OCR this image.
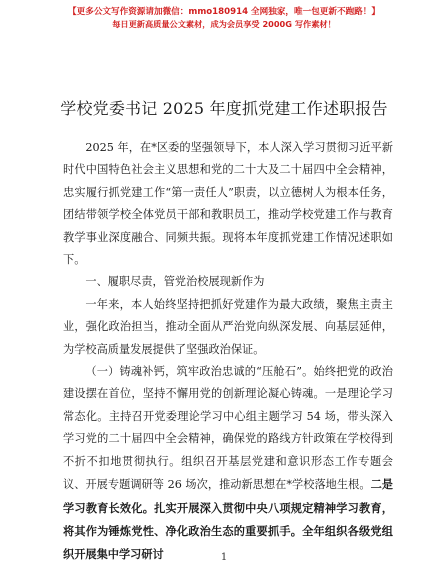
【更多公文写作资源请加微信：mmo180914 全网独家，唯一包更新不跑路！】
每日更新高质量公文素材，成为会员享受 2000G 写作素材！
学校党委书记 2025 年度抓党建工作述职报告

2025 年，在*区委的坚强领导下，本人深入学习贯彻习近平新时代中国特色社会主义思想和党的二十大及二十届四中全会精神，忠实履行抓党建工作“第一责任人”职责，以立德树人为根本任务，团结带领学校全体党员干部和教职员工，推动学校党建工作与教育教学事业深度融合、同频共振。现将本年度抓党建工作情况述职如下。

一、履职尽责，管党治校展现新作为

一年来，本人始终坚持把抓好党建作为最大政绩，聚焦主责主业，强化政治担当，推动全面从严治党向纵深发展、向基层延伸，为学校高质量发展提供了坚强政治保证。

（一）铸魂补钙，筑牢政治忠诚的“压舱石”。始终把党的政治建设摆在首位，坚持不懈用党的创新理论凝心铸魂。一是理论学习常态化。主持召开党委理论学习中心组主题学习 54 场，带头深入学习党的二十届四中全会精神，确保党的路线方针政策在学校得到不折不扣地贯彻执行。组织召开基层党建和意识形态工作专题会议、开展专题调研等 26 场次，推动新思想在*学校落地生根。二是学习教育长效化。扎实开展深入贯彻中央八项规定精神学习教育，将其作为锤炼党性、净化政治生态的重要抓手。全年组织各级党组织开展集中学习研讨	1
